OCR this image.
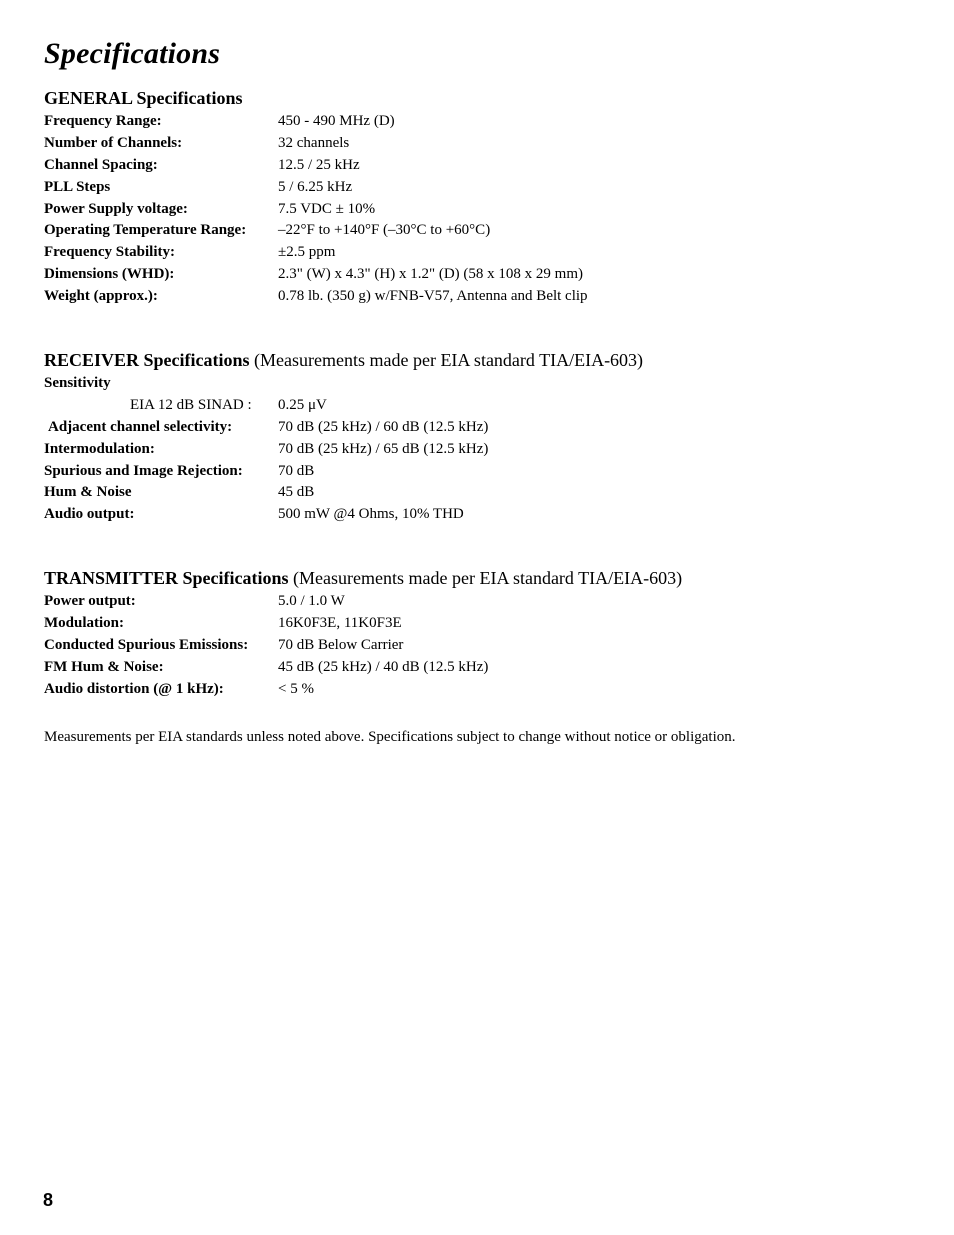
Specifications
GENERAL Specifications
Frequency Range:	450 - 490 MHz (D)
Number of Channels:	32 channels
Channel Spacing:	12.5 / 25 kHz
PLL Steps	5 / 6.25 kHz
Power Supply voltage:	7.5 VDC ± 10%
Operating Temperature Range: –22°F to +140°F (–30°C to +60°C)
Frequency Stability:	±2.5 ppm
Dimensions (WHD):	2.3" (W) x 4.3" (H) x 1.2" (D) (58 x 108 x 29 mm)
Weight (approx.):	0.78 lb. (350 g) w/FNB-V57, Antenna and Belt clip
RECEIVER Specifications (Measurements made per EIA standard TIA/EIA-603)
Sensitivity
EIA 12 dB SINAD : 0.25 μV
Adjacent channel selectivity:	70 dB (25 kHz) / 60 dB (12.5 kHz)
Intermodulation:	70 dB (25 kHz) / 65 dB (12.5 kHz)
Spurious and Image Rejection: 70 dB
Hum & Noise	45 dB
Audio output:	500 mW @4 Ohms, 10% THD
TRANSMITTER Specifications (Measurements made per EIA standard TIA/EIA-603)
Power output:	5.0 / 1.0 W
Modulation:	16K0F3E, 11K0F3E
Conducted Spurious Emissions: 70 dB Below Carrier
FM Hum & Noise:	45 dB (25 kHz) / 40 dB (12.5 kHz)
Audio distortion (@ 1 kHz):	< 5 %
Measurements per EIA standards unless noted above. Specifications subject to change without notice or obligation.
8
